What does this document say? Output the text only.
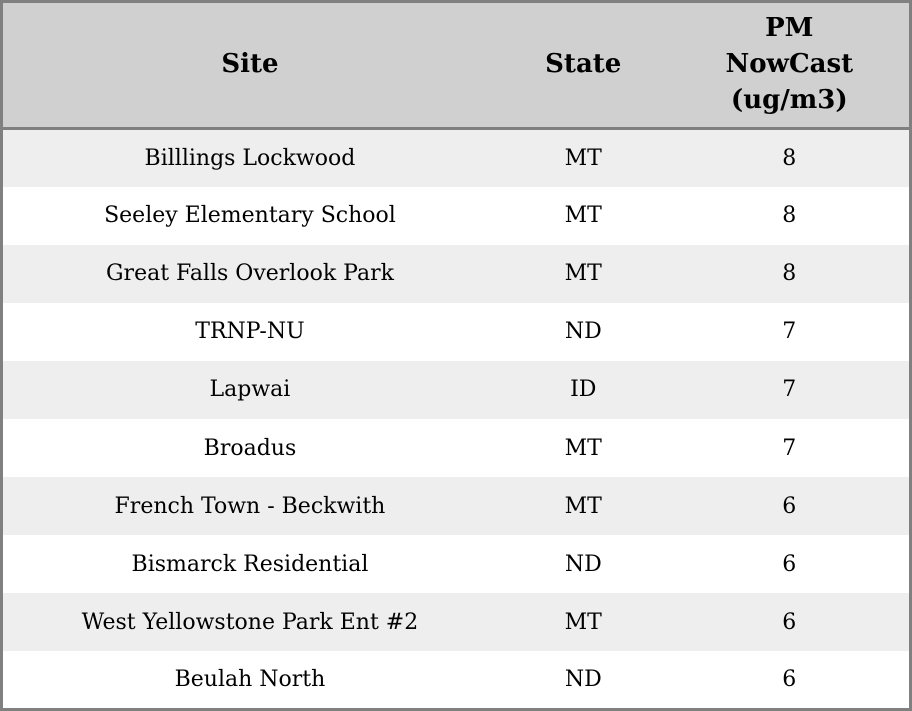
Site	State	PM
NowCast
(ug/m3)

Billlings Lockwood	MT	8
Seeley Elementary School	MT	8
Great Falls Overlook Park	MT	8
TRNP-NU	ND	7
Lapwai	ID	7
Broadus	MT	7
French Town - Beckwith	MT	6
Bismarck Residential	ND	6
West Yellowstone Park Ent #2	MT	6
Beulah North	ND	6
